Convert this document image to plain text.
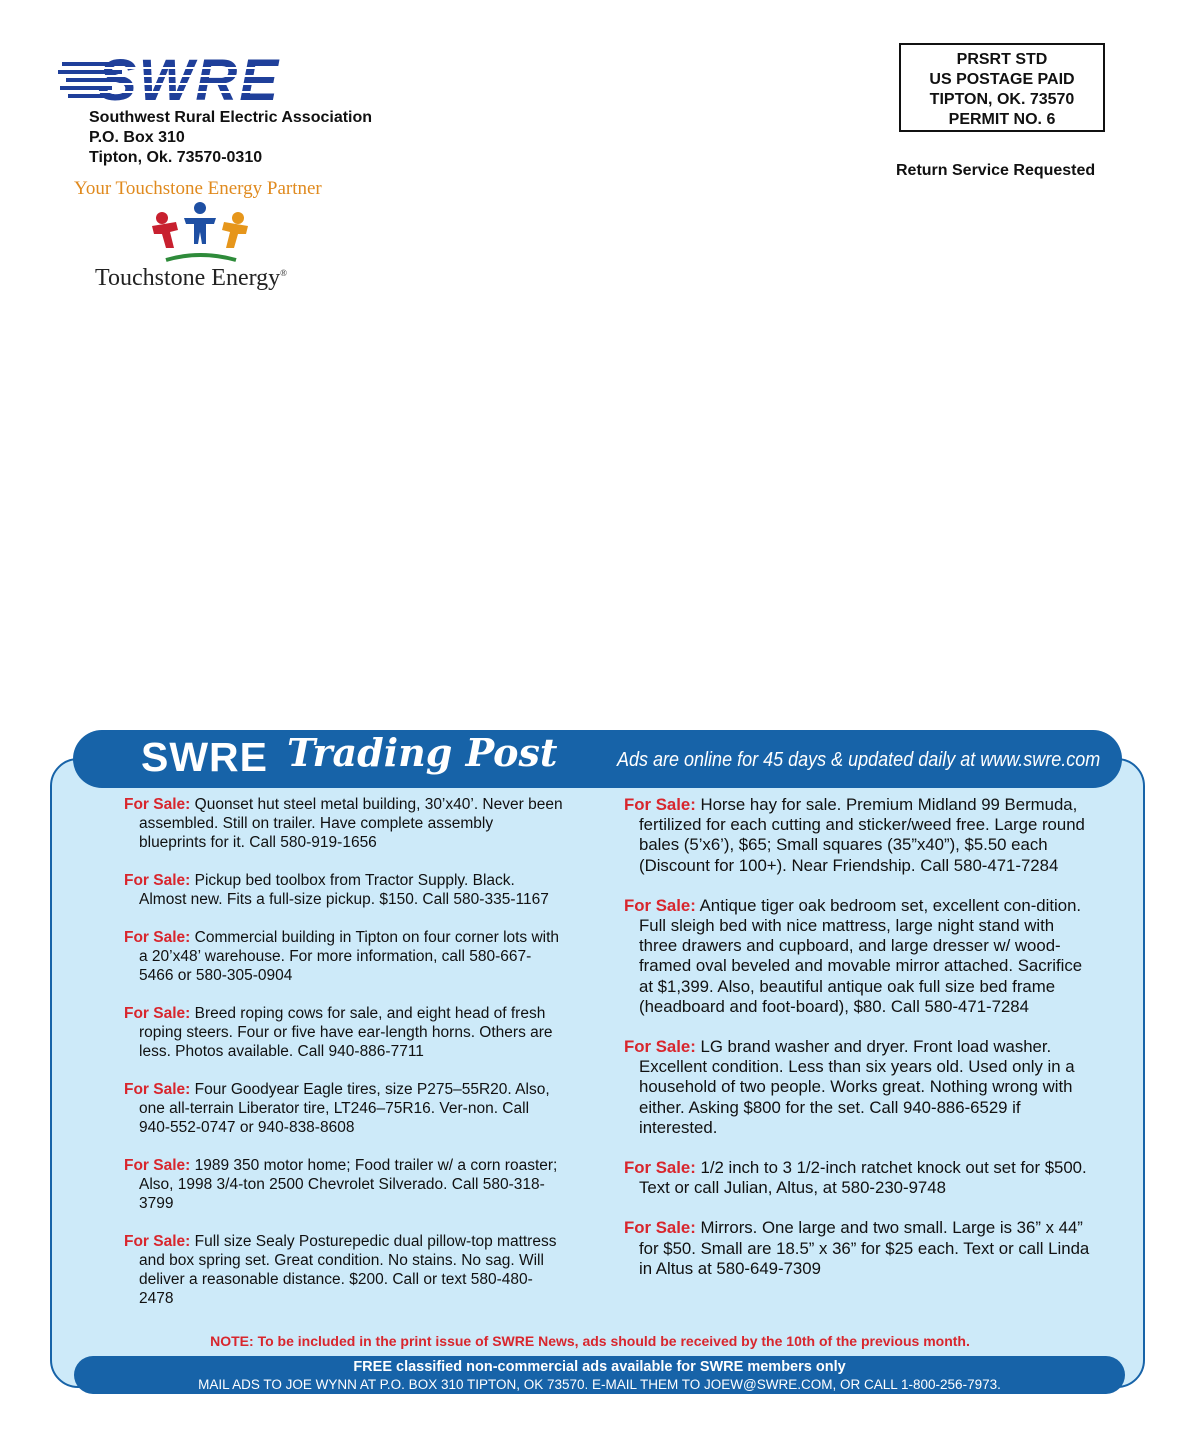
SWRE
Southwest Rural Electric Association
P.O. Box 310
Tipton, Ok. 73570-0310
Your Touchstone Energy Partner
Touchstone Energy®
PRSRT STD
US POSTAGE PAID
TIPTON, OK. 73570
PERMIT NO. 6
Return Service Requested
SWRE Trading Post	Ads are online for 45 days & updated daily at www.swre.com
For Sale: Quonset hut steel metal building, 30’x40’. Never been assembled. Still on trailer. Have complete assembly blueprints for it. Call 580-919-1656
For Sale: Pickup bed toolbox from Tractor Supply. Black. Almost new. Fits a full-size pickup. $150. Call 580-335-1167
For Sale: Commercial building in Tipton on four corner lots with a 20’x48’ warehouse. For more information, call 580-667-5466 or 580-305-0904
For Sale: Breed roping cows for sale, and eight head of fresh roping steers. Four or five have ear-length horns. Others are less. Photos available. Call 940-886-7711
For Sale: Four Goodyear Eagle tires, size P275–55R20. Also, one all-terrain Liberator tire, LT246–75R16. Ver-non. Call 940-552-0747 or 940-838-8608
For Sale: 1989 350 motor home; Food trailer w/ a corn roaster; Also, 1998 3/4-ton 2500 Chevrolet Silverado. Call 580-318-3799
For Sale: Full size Sealy Posturepedic dual pillow-top mattress and box spring set. Great condition. No stains. No sag. Will deliver a reasonable distance. $200. Call or text 580-480-2478
For Sale: Horse hay for sale. Premium Midland 99 Bermuda, fertilized for each cutting and sticker/weed free. Large round bales (5’x6’), $65; Small squares (35”x40”), $5.50 each (Discount for 100+). Near Friendship. Call 580-471-7284
For Sale: Antique tiger oak bedroom set, excellent con-dition. Full sleigh bed with nice mattress, large night stand with three drawers and cupboard, and large dresser w/ wood-framed oval beveled and movable mirror attached. Sacrifice at $1,399. Also, beautiful antique oak full size bed frame (headboard and foot-board), $80. Call 580-471-7284
For Sale: LG brand washer and dryer. Front load washer. Excellent condition. Less than six years old. Used only in a household of two people. Works great. Nothing wrong with either. Asking $800 for the set. Call 940-886-6529 if interested.
For Sale: 1/2 inch to 3 1/2-inch ratchet knock out set for $500. Text or call Julian, Altus, at 580-230-9748
For Sale: Mirrors. One large and two small. Large is 36” x 44” for $50. Small are 18.5” x 36” for $25 each. Text or call Linda in Altus at 580-649-7309
NOTE: To be included in the print issue of SWRE News, ads should be received by the 10th of the previous month.
FREE classified non-commercial ads available for SWRE members only
MAIL ADS TO JOE WYNN AT P.O. BOX 310 TIPTON, OK 73570. E-MAIL THEM TO JOEW@SWRE.COM, OR CALL 1-800-256-7973.
